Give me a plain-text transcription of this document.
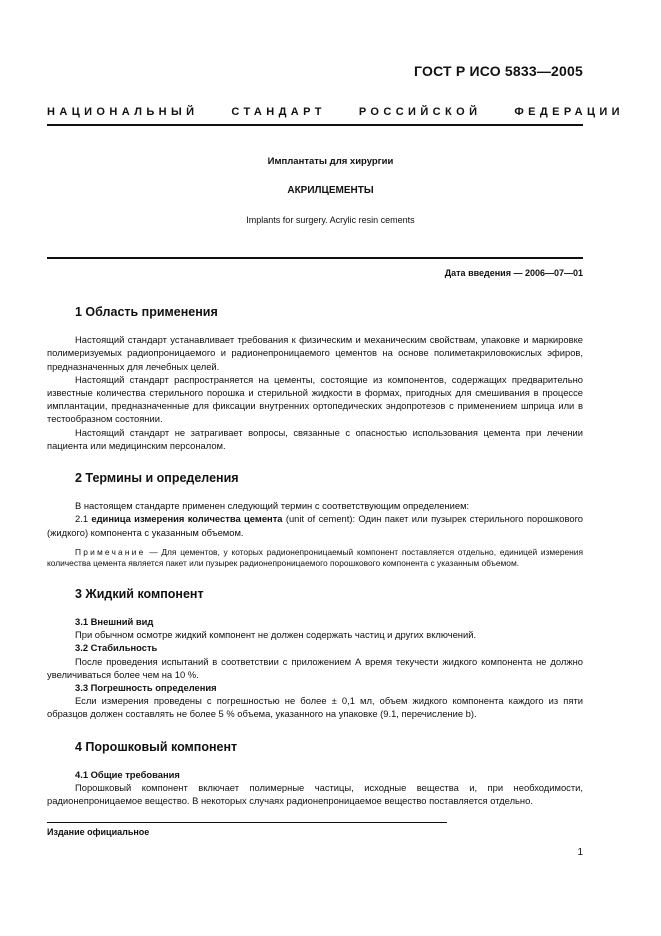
ГОСТ Р ИСО 5833—2005
НАЦИОНАЛЬНЫЙ	СТАНДАРТ	РОССИЙСКОЙ	ФЕДЕРАЦИИ
Имплантаты для хирургии
АКРИЛЦЕМЕНТЫ
Implants for surgery. Acrylic resin cements
Дата введения — 2006—07—01
1 Область применения

Настоящий стандарт устанавливает требования к физическим и механическим свойствам, упаковке и маркировке полимеризуемых радиопроницаемого и радионепроницаемого цементов на основе полиметакриловокислых эфиров, предназначенных для лечебных целей.

Настоящий стандарт распространяется на цементы, состоящие из компонентов, содержащих предварительно известные количества стерильного порошка и стерильной жидкости в формах, пригодных для смешивания в процессе имплантации, предназначенные для фиксации внутренних ортопедических эндопротезов с применением шприца или в тестообразном состоянии.

Настоящий стандарт не затрагивает вопросы, связанные с опасностью использования цемента при лечении пациента или медицинским персоналом.

2 Термины и определения

В настоящем стандарте применен следующий термин с соответствующим определением:

2.1 единица измерения количества цемента (unit of cement): Один пакет или пузырек стерильного порошкового (жидкого) компонента с указанным объемом.

Примечание — Для цементов, у которых радионепроницаемый компонент поставляется отдельно, единицей измерения количества цемента является пакет или пузырек радионепроницаемого порошкового компонента с указанным объемом.
3 Жидкий компонент
3.1 Внешний вид

При обычном осмотре жидкий компонент не должен содержать частиц и других включений.

3.2 Стабильность

После проведения испытаний в соответствии с приложением А время текучести жидкого компонента не должно увеличиваться более чем на 10 %.

3.3 Погрешность определения

Если измерения проведены с погрешностью не более ± 0,1 мл, объем жидкого компонента каждого из пяти образцов должен составлять не более 5 % объема, указанного на упаковке (9.1, перечисление b).

4 Порошковый компонент
4.1 Общие требования

Порошковый компонент включает полимерные частицы, исходные вещества и, при необходимости, радионепроницаемое вещество. В некоторых случаях радионепроницаемое вещество поставляется отдельно.

Издание официальное
1
